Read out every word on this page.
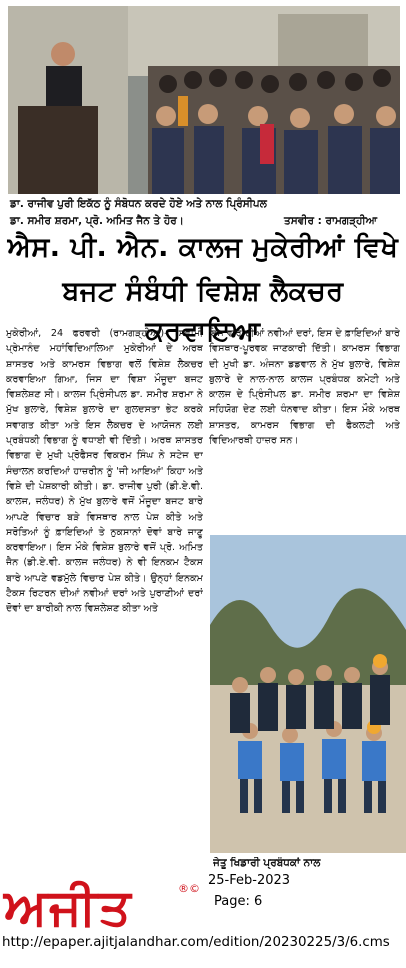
ਡਾ. ਰਾਜੀਵ ਪੁਰੀ ਇਕੱਠ ਨੂੰ ਸੰਬੋਧਨ ਕਰਦੇ ਹੋਏ ਅਤੇ ਨਾਲ ਪ੍ਰਿੰਸੀਪਲ
ਡਾ. ਸਮੀਰ ਸ਼ਰਮਾ, ਪ੍ਰੋ. ਅਮਿਤ ਜੈਨ ਤੇ ਹੋਰ।	ਤਸਵੀਰ : ਰਾਮਗੜ੍ਹੀਆ
ਐਸ. ਪੀ. ਐਨ. ਕਾਲਜ ਮੁਕੇਰੀਆਂ ਵਿਖੇ
ਬਜਟ ਸੰਬੰਧੀ ਵਿਸ਼ੇਸ਼ ਲੈਕਚਰ ਕਰਵਾਇਆ
ਮੁਕੇਰੀਆਂ, 24 ਫਰਵਰੀ (ਰਾਮਗੜ੍ਹੀਆ)– ਸਵਾਮੀ ਪ੍ਰੇਮਾਨੰਦ ਮਹਾਂਵਿਦਿਆਲਿਆ ਮੁਕੇਰੀਆਂ ਦੇ ਅਰਥ ਸ਼ਾਸਤਰ ਅਤੇ ਕਾਮਰਸ ਵਿਭਾਗ ਵਲੋਂ ਵਿਸ਼ੇਸ਼ ਲੈਕਚਰ ਕਰਵਾਇਆ ਗਿਆ, ਜਿਸ ਦਾ ਵਿਸ਼ਾ ਮੌਜੂਦਾ ਬਜਟ ਵਿਸ਼ਲੇਸ਼ਣ ਸੀ। ਕਾਲਜ ਪ੍ਰਿੰਸੀਪਲ ਡਾ. ਸਮੀਰ ਸ਼ਰਮਾ ਨੇ ਮੁੱਖ ਬੁਲਾਰੇ, ਵਿਸ਼ੇਸ਼ ਬੁਲਾਰੇ ਦਾ ਗੁਲਦਸਤਾ ਭੇਟ ਕਰਕੇ ਸਵਾਗਤ ਕੀਤਾ ਅਤੇ ਇਸ ਲੈਕਚਰ ਦੇ ਆਯੋਜਨ ਲਈ ਪ੍ਰਬੰਧਕੀ ਵਿਭਾਗ ਨੂੰ ਵਧਾਈ ਵੀ ਦਿੱਤੀ। ਅਰਥ ਸ਼ਾਸਤਰ ਵਿਭਾਗ ਦੇ ਮੁਖੀ ਪ੍ਰੋਫੈਸਰ ਵਿਕਰਮ ਸਿੰਘ ਨੇ ਸਟੇਜ ਦਾ ਸੰਚਾਲਨ ਕਰਦਿਆਂ ਹਾਜ਼ਰੀਨ ਨੂੰ 'ਜੀ ਆਇਆਂ' ਕਿਹਾ ਅਤੇ ਵਿਸ਼ੇ ਦੀ ਪੇਸ਼ਕਾਰੀ ਕੀਤੀ। ਡਾ. ਰਾਜੀਵ ਪੁਰੀ (ਡੀ.ਏ.ਵੀ. ਕਾਲਜ, ਜਲੰਧਰ) ਨੇ ਮੁੱਖ ਬੁਲਾਰੇ ਵਜੋਂ ਮੌਜੂਦਾ ਬਜਟ ਬਾਰੇ ਆਪਣੇ ਵਿਚਾਰ ਬੜੇ ਵਿਸਥਾਰ ਨਾਲ ਪੇਸ਼ ਕੀਤੇ ਅਤੇ ਸਰੋਤਿਆਂ ਨੂੰ ਫ਼ਾਇਦਿਆਂ ਤੇ ਨੁਕਸਾਨਾਂ ਦੋਵਾਂ ਬਾਰੇ ਜਾਣੂ ਕਰਵਾਇਆ। ਇਸ ਮੌਕੇ ਵਿਸ਼ੇਸ਼ ਬੁਲਾਰੇ ਵਜੋਂ ਪ੍ਰੋ. ਅਮਿਤ ਜੈਨ (ਡੀ.ਏ.ਵੀ. ਕਾਲਜ ਜਲੰਧਰ) ਨੇ ਵੀ ਇਨਕਮ ਟੈਕਸ ਬਾਰੇ ਆਪਣੇ ਵਡਮੁੱਲੇ ਵਿਚਾਰ ਪੇਸ਼ ਕੀਤੇ। ਉਨ੍ਹਾਂ ਇਨਕਮ ਟੈਕਸ ਰਿਟਰਨ ਦੀਆਂ ਨਵੀਆਂ ਦਰਾਂ ਅਤੇ ਪੁਰਾਣੀਆਂ ਦਰਾਂ ਦੋਵਾਂ ਦਾ ਬਾਰੀਕੀ ਨਾਲ ਵਿਸ਼ਲੇਸ਼ਣ ਕੀਤਾ ਅਤੇ
ਇਸ ਵਾਰ ਦੀਆਂ ਨਵੀਆਂ ਦਰਾਂ, ਇਸ ਦੇ ਫ਼ਾਇਦਿਆਂ ਬਾਰੇ ਵਿਸਥਾਰ-ਪੂਰਵਕ ਜਾਣਕਾਰੀ ਦਿੱਤੀ। ਕਾਮਰਸ ਵਿਭਾਗ ਦੀ ਮੁਖੀ ਡਾ. ਅੰਜਨਾ ਡਡਵਾਲ ਨੇ ਮੁੱਖ ਬੁਲਾਰੇ, ਵਿਸ਼ੇਸ਼ ਬੁਲਾਰੇ ਦੇ ਨਾਲ-ਨਾਲ ਕਾਲਜ ਪ੍ਰਬੰਧਕ ਕਮੇਟੀ ਅਤੇ ਕਾਲਜ ਦੇ ਪ੍ਰਿੰਸੀਪਲ ਡਾ. ਸਮੀਰ ਸ਼ਰਮਾ ਦਾ ਵਿਸ਼ੇਸ਼ ਸਹਿਯੋਗ ਦੇਣ ਲਈ ਧੰਨਵਾਦ ਕੀਤਾ। ਇਸ ਮੌਕੇ ਅਰਥ ਸ਼ਾਸਤਰ, ਕਾਮਰਸ ਵਿਭਾਗ ਦੀ ਫੈਕਲਟੀ ਅਤੇ ਵਿਦਿਆਰਥੀ ਹਾਜ਼ਰ ਸਨ।
ਜੇਤੂ ਖਿਡਾਰੀ ਪ੍ਰਬੰਧਕਾਂ ਨਾਲ
ਅਜੀਤ	®©
25-Feb-2023
Page: 6
http://epaper.ajitjalandhar.com/edition/20230225/3/6.cms
